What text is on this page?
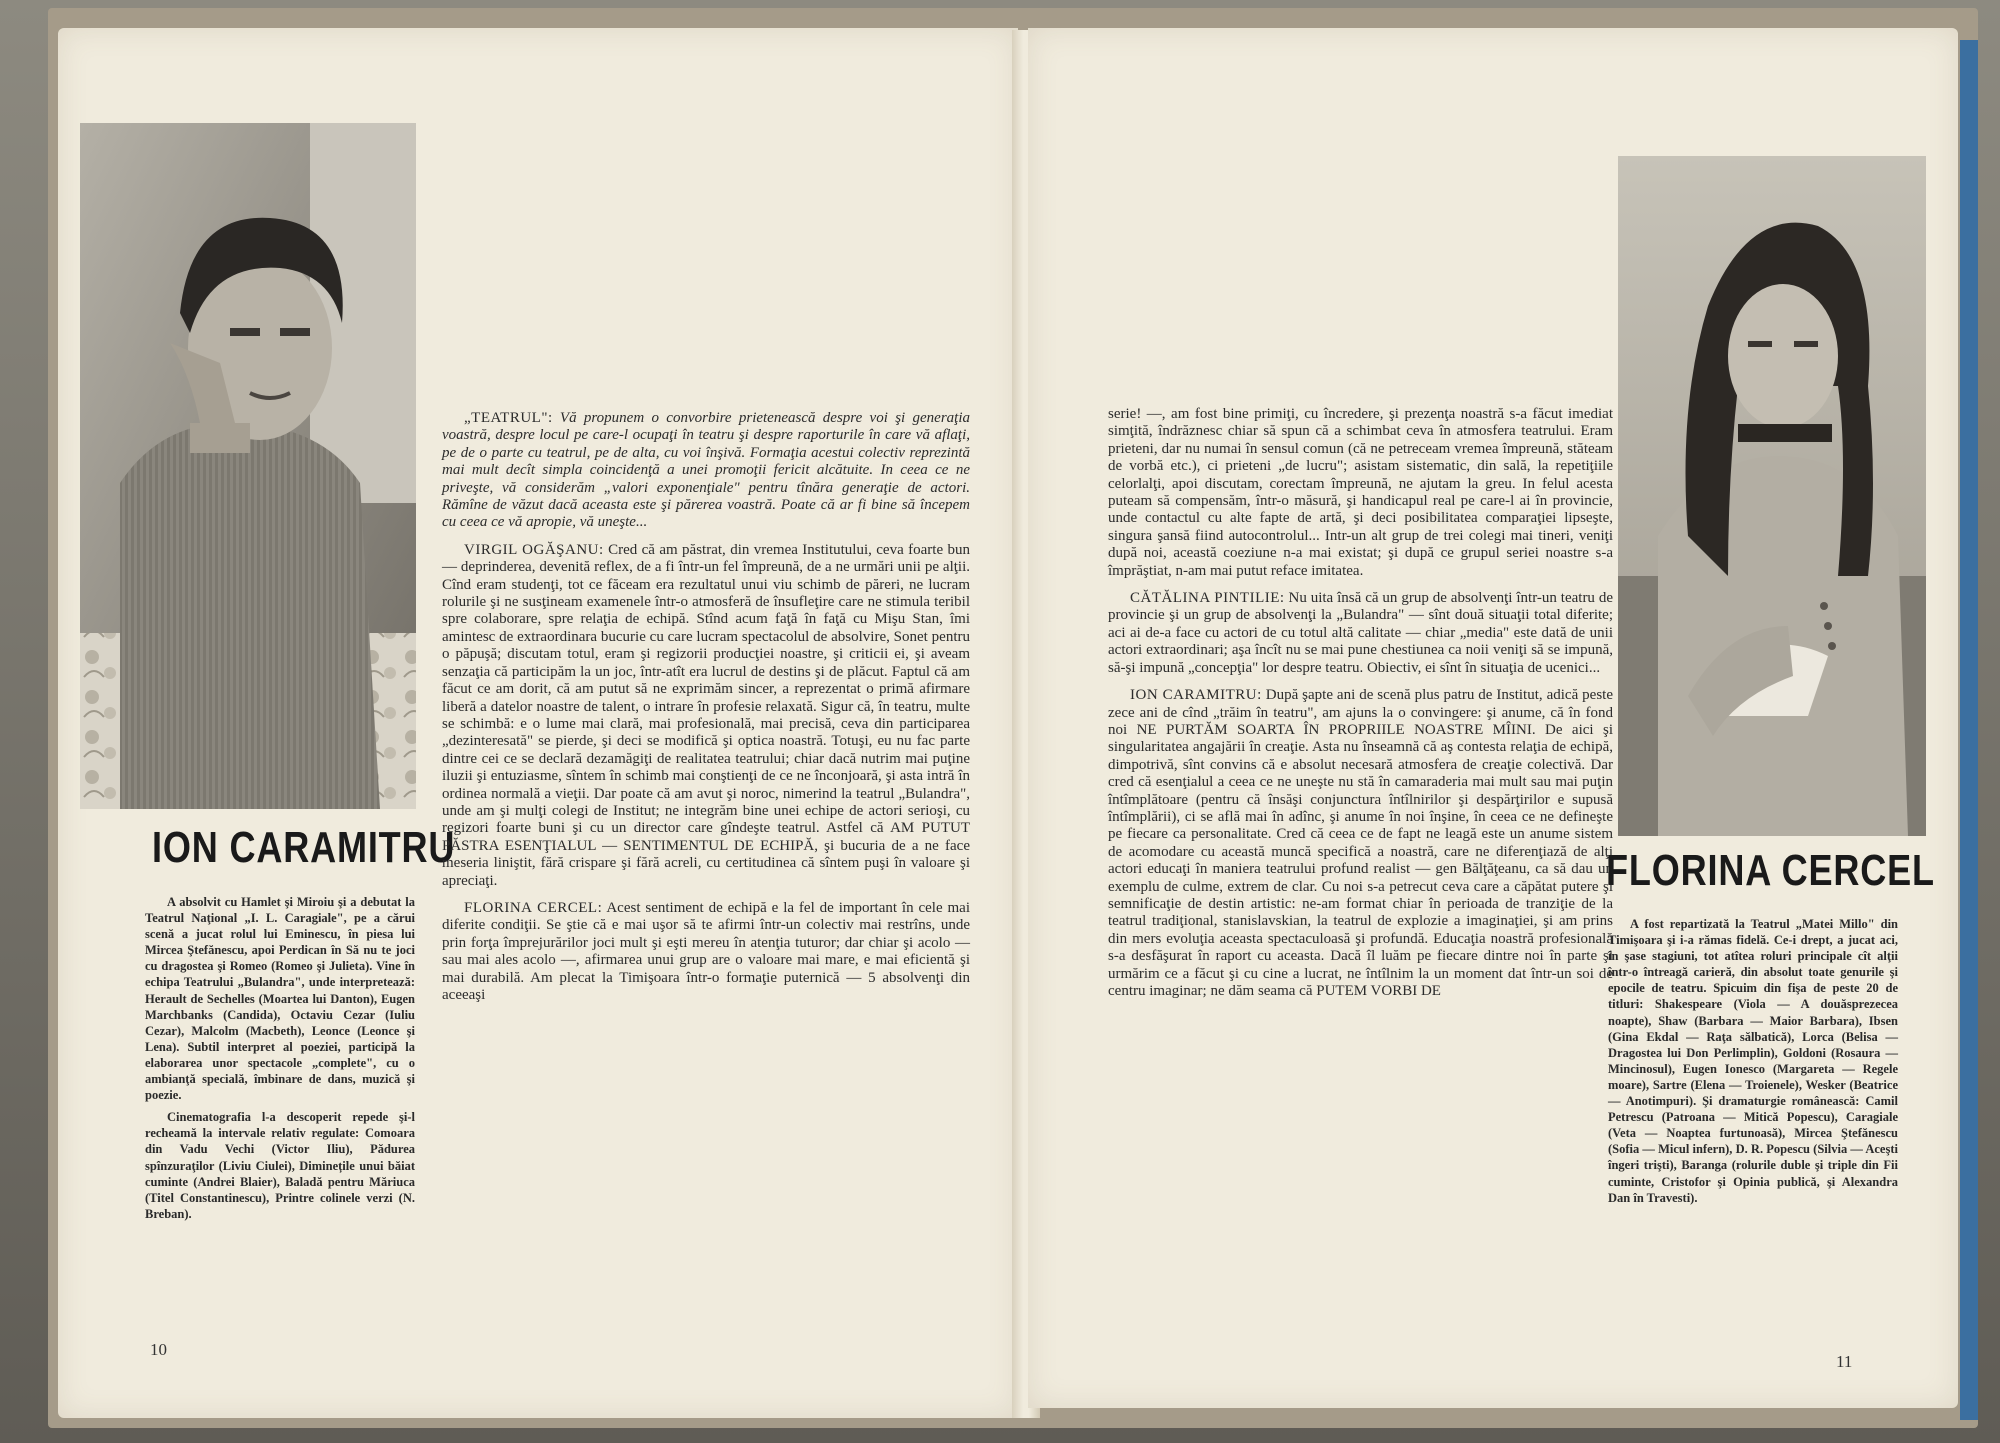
ION CARAMITRU

A absolvit cu Hamlet şi Miroiu şi a debutat la Teatrul Naţional „I. L. Caragiale", pe a cărui scenă a jucat rolul lui Eminescu, în piesa lui Mircea Ştefănescu, apoi Perdican în Să nu te joci cu dragostea şi Romeo (Romeo şi Julieta). Vine în echipa Teatrului „Bulandra", unde interpretează: Herault de Sechelles (Moartea lui Danton), Eugen Marchbanks (Candida), Octaviu Cezar (Iuliu Cezar), Malcolm (Macbeth), Leonce (Leonce şi Lena). Subtil interpret al poeziei, participă la elaborarea unor spectacole „complete", cu o ambianţă specială, îmbinare de dans, muzică şi poezie.

Cinematografia l-a descoperit repede şi-l recheamă la intervale relativ regulate: Comoara din Vadu Vechi (Victor Iliu), Pădurea spînzuraţilor (Liviu Ciulei), Diminețile unui băiat cuminte (Andrei Blaier), Baladă pentru Măriuca (Titel Constantinescu), Printre colinele verzi (N. Breban).

10

„TEATRUL": Vă propunem o convorbire prietenească despre voi şi generaţia voastră, despre locul pe care-l ocupaţi în teatru şi despre raporturile în care vă aflaţi, pe de o parte cu teatrul, pe de alta, cu voi înşivă. Formaţia acestui colectiv reprezintă mai mult decît simpla coincidenţă a unei promoţii fericit alcătuite. In ceea ce ne priveşte, vă considerăm „valori exponenţiale" pentru tînăra generaţie de actori. Rămîne de văzut dacă aceasta este şi părerea voastră. Poate că ar fi bine să începem cu ceea ce vă apropie, vă uneşte...

VIRGIL OGĂŞANU: Cred că am păstrat, din vremea Institutului, ceva foarte bun — deprinderea, devenită reflex, de a fi într-un fel împreună, de a ne urmări unii pe alţii. Cînd eram studenţi, tot ce făceam era rezultatul unui viu schimb de păreri, ne lucram rolurile şi ne susţineam examenele într-o atmosferă de însufleţire care ne stimula teribil spre colaborare, spre relaţia de echipă. Stînd acum faţă în faţă cu Mişu Stan, îmi amintesc de extraordinara bucurie cu care lucram spectacolul de absolvire, Sonet pentru o păpuşă; discutam totul, eram şi regizorii producţiei noastre, şi criticii ei, şi aveam senzaţia că participăm la un joc, într-atît era lucrul de destins şi de plăcut. Faptul că am făcut ce am dorit, că am putut să ne exprimăm sincer, a reprezentat o primă afirmare liberă a datelor noastre de talent, o intrare în profesie relaxată. Sigur că, în teatru, multe se schimbă: e o lume mai clară, mai profesională, mai precisă, ceva din participarea „dezinteresată" se pierde, şi deci se modifică şi optica noastră. Totuşi, eu nu fac parte dintre cei ce se declară dezamăgiţi de realitatea teatrului; chiar dacă nutrim mai puţine iluzii şi entuziasme, sîntem în schimb mai conştienţi de ce ne înconjoară, şi asta intră în ordinea normală a vieţii. Dar poate că am avut şi noroc, nimerind la teatrul „Bulandra", unde am şi mulţi colegi de Institut; ne integrăm bine unei echipe de actori serioşi, cu regizori foarte buni şi cu un director care gîndeşte teatrul. Astfel că AM PUTUT PĂSTRA ESENŢIALUL — SENTIMENTUL DE ECHIPĂ, şi bucuria de a ne face meseria liniştit, fără crispare şi fără acreli, cu certitudinea că sîntem puşi în valoare şi apreciaţi.

FLORINA CERCEL: Acest sentiment de echipă e la fel de important în cele mai diferite condiţii. Se ştie că e mai uşor să te afirmi într-un colectiv mai restrîns, unde prin forţa împrejurărilor joci mult şi eşti mereu în atenţia tuturor; dar chiar şi acolo — sau mai ales acolo —, afirmarea unui grup are o valoare mai mare, e mai eficientă şi mai durabilă. Am plecat la Timişoara într-o formaţie puternică — 5 absolvenţi din aceeaşi

serie! —, am fost bine primiţi, cu încredere, şi prezenţa noastră s-a făcut imediat simţită, îndrăznesc chiar să spun că a schimbat ceva în atmosfera teatrului. Eram prieteni, dar nu numai în sensul comun (că ne petreceam vremea împreună, stăteam de vorbă etc.), ci prieteni „de lucru"; asistam sistematic, din sală, la repetiţiile celorlalţi, apoi discutam, corectam împreună, ne ajutam la greu. In felul acesta puteam să compensăm, într-o măsură, şi handicapul real pe care-l ai în provincie, unde contactul cu alte fapte de artă, şi deci posibilitatea comparaţiei lipseşte, singura şansă fiind autocontrolul... Intr-un alt grup de trei colegi mai tineri, veniţi după noi, această coeziune n-a mai existat; şi după ce grupul seriei noastre s-a împrăştiat, n-am mai putut reface imitatea.

CĂTĂLINA PINTILIE: Nu uita însă că un grup de absolvenţi într-un teatru de provincie şi un grup de absolvenţi la „Bulandra" — sînt două situaţii total diferite; aci ai de-a face cu actori de cu totul altă calitate — chiar „media" este dată de unii actori extraordinari; aşa încît nu se mai pune chestiunea ca noii veniţi să se impună, să-şi impună „concepţia" lor despre teatru. Obiectiv, ei sînt în situaţia de ucenici...

ION CARAMITRU: După şapte ani de scenă plus patru de Institut, adică peste zece ani de cînd „trăim în teatru", am ajuns la o convingere: şi anume, că în fond noi NE PURTĂM SOARTA ÎN PROPRIILE NOASTRE MÎINI. De aici şi singularitatea angajării în creaţie. Asta nu înseamnă că aş contesta relaţia de echipă, dimpotrivă, sînt convins că e absolut necesară atmosfera de creaţie colectivă. Dar cred că esenţialul a ceea ce ne uneşte nu stă în camaraderia mai mult sau mai puţin întîmplătoare (pentru că însăşi conjunctura întîlnirilor şi despărţirilor e supusă întîmplării), ci se află mai în adînc, şi anume în noi înşine, în ceea ce ne defineşte pe fiecare ca personalitate. Cred că ceea ce de fapt ne leagă este un anume sistem de acomodare cu această muncă specifică a noastră, care ne diferenţiază de alţi actori educaţi în maniera teatrului profund realist — gen Bălţăţeanu, ca să dau un exemplu de culme, extrem de clar. Cu noi s-a petrecut ceva care a căpătat putere şi semnificaţie de destin artistic: ne-am format chiar în perioada de tranziţie de la teatrul tradiţional, stanislavskian, la teatrul de explozie a imaginaţiei, şi am prins din mers evoluţia aceasta spectaculoasă şi profundă. Educaţia noastră profesională s-a desfăşurat în raport cu aceasta. Dacă îl luăm pe fiecare dintre noi în parte şi urmărim ce a făcut şi cu cine a lucrat, ne întîlnim la un moment dat într-un soi de centru imaginar; ne dăm seama că PUTEM VORBI DE

FLORINA CERCEL

A fost repartizată la Teatrul „Matei Millo" din Timişoara şi i-a rămas fidelă. Ce-i drept, a jucat aci, în şase stagiuni, tot atîtea roluri principale cît alţii într-o întreagă carieră, din absolut toate genurile şi epocile de teatru. Spicuim din fişa de peste 20 de titluri: Shakespeare (Viola — A douăsprezecea noapte), Shaw (Barbara — Maior Barbara), Ibsen (Gina Ekdal — Raţa sălbatică), Lorca (Belisa — Dragostea lui Don Perlimplin), Goldoni (Rosaura — Mincinosul), Eugen Ionesco (Margareta — Regele moare), Sartre (Elena — Troienele), Wesker (Beatrice — Anotimpuri). Şi dramaturgie românească: Camil Petrescu (Patroana — Mitică Popescu), Caragiale (Veta — Noaptea furtunoasă), Mircea Ştefănescu (Sofia — Micul infern), D. R. Popescu (Silvia — Aceşti îngeri trişti), Baranga (rolurile duble şi triple din Fii cuminte, Cristofor şi Opinia publică, şi Alexandra Dan în Travesti).

11
